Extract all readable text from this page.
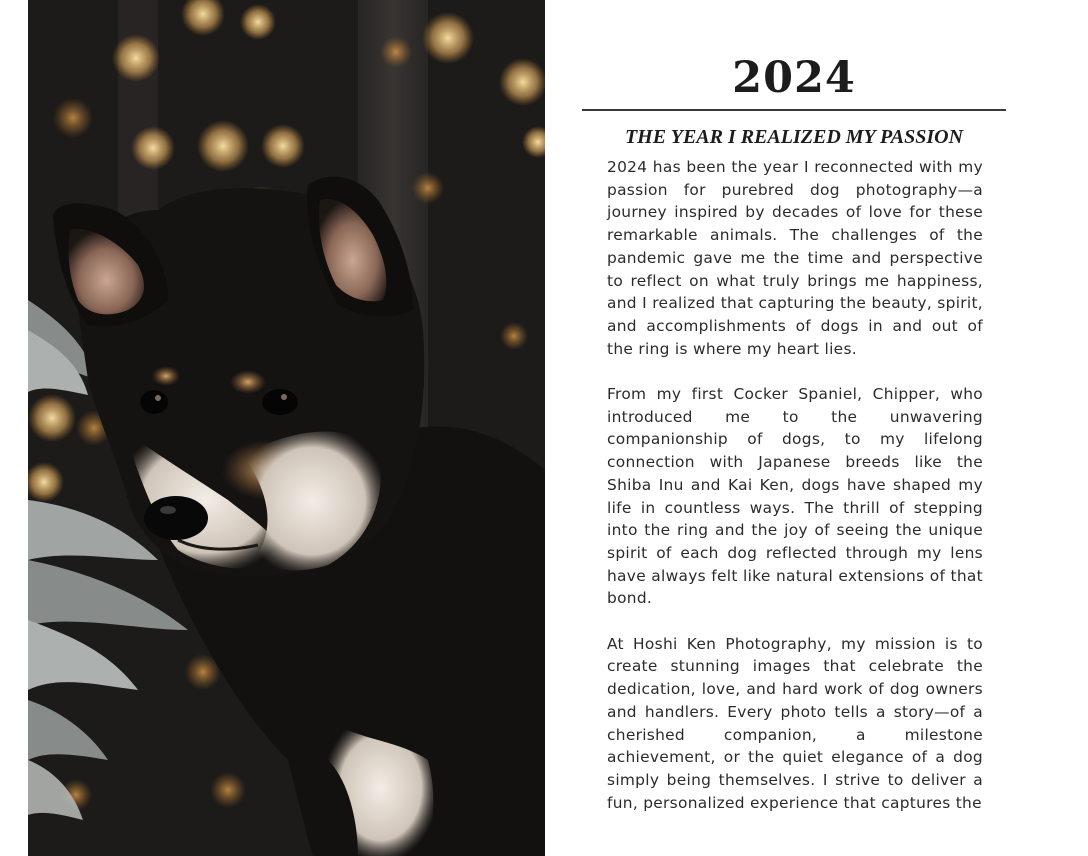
2024
THE YEAR I REALIZED MY PASSION

2024 has been the year I reconnected with my passion for purebred dog photography—a journey inspired by decades of love for these remarkable animals. The challenges of the pandemic gave me the time and perspective to reflect on what truly brings me happiness, and I realized that capturing the beauty, spirit, and accomplishments of dogs in and out of the ring is where my heart lies.

From my first Cocker Spaniel, Chipper, who introduced me to the unwavering companionship of dogs, to my lifelong connection with Japanese breeds like the Shiba Inu and Kai Ken, dogs have shaped my life in countless ways. The thrill of stepping into the ring and the joy of seeing the unique spirit of each dog reflected through my lens have always felt like natural extensions of that bond.

At Hoshi Ken Photography, my mission is to create stunning images that celebrate the dedication, love, and hard work of dog owners and handlers. Every photo tells a story—of a cherished companion, a milestone achievement, or the quiet elegance of a dog simply being themselves. I strive to deliver a fun, personalized experience that captures the
